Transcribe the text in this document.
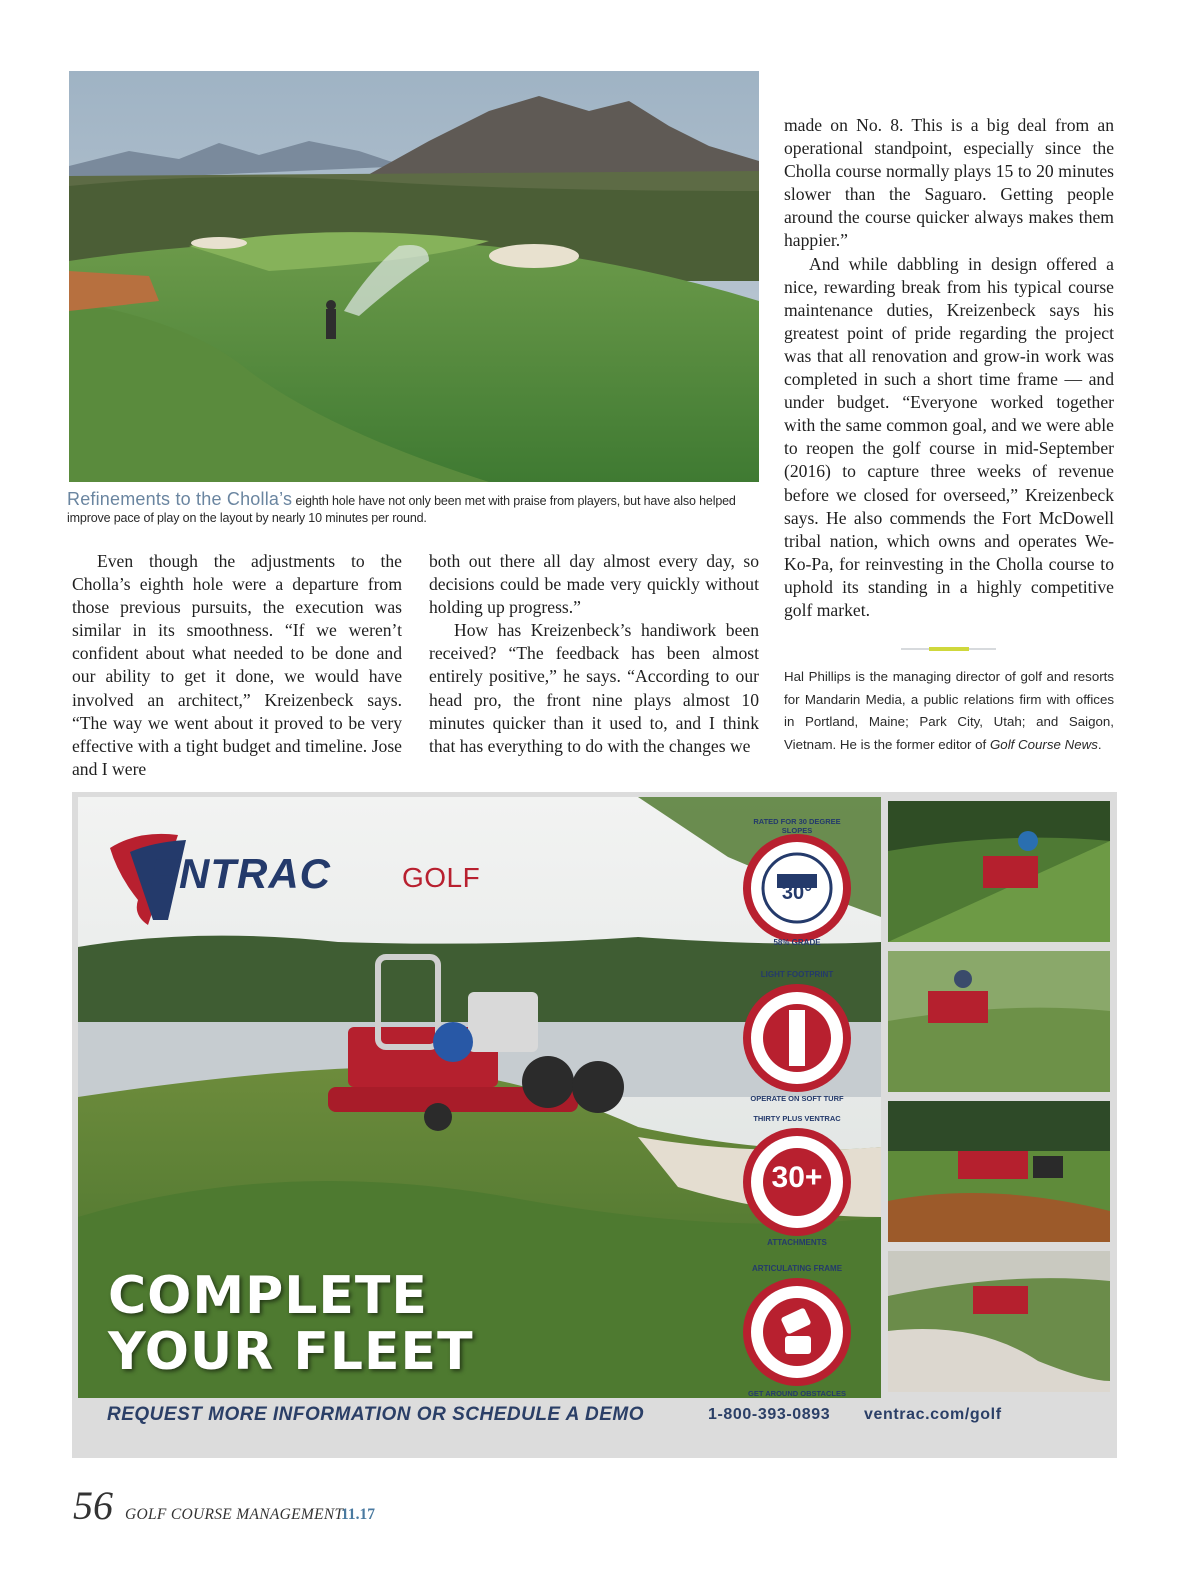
Refinements to the Cholla’s eighth hole have not only been met with praise from players, but have also helped improve pace of play on the layout by nearly 10 minutes per round.

Even though the adjustments to the Cholla’s eighth hole were a departure from those previous pursuits, the execution was similar in its smoothness. “If we weren’t confident about what needed to be done and our ability to get it done, we would have involved an architect,” Kreizenbeck says. “The way we went about it proved to be very effective with a tight budget and timeline. Jose and I were

both out there all day almost every day, so decisions could be made very quickly without holding up progress.”

How has Kreizenbeck’s handiwork been received? “The feedback has been almost entirely positive,” he says. “According to our head pro, the front nine plays almost 10 minutes quicker than it used to, and I think that has everything to do with the changes we

made on No. 8. This is a big deal from an operational standpoint, especially since the Cholla course normally plays 15 to 20 minutes slower than the Saguaro. Getting people around the course quicker always makes them happier.”

And while dabbling in design offered a nice, rewarding break from his typical course maintenance duties, Kreizenbeck says his greatest point of pride regarding the project was that all renovation and grow-in work was completed in such a short time frame — and under budget. “Everyone worked together with the same common goal, and we were able to reopen the golf course in mid-September (2016) to capture three weeks of revenue before we closed for overseed,” Kreizenbeck says. He also commends the Fort McDowell tribal nation, which owns and operates We-Ko-Pa, for reinvesting in the Cholla course to uphold its standing in a highly competitive golf market.

Hal Phillips is the managing director of golf and resorts for Mandarin Media, a public relations firm with offices in Portland, Maine; Park City, Utah; and Saigon, Vietnam. He is the former editor of Golf Course News.
ENTRAC	GOLF	30°
30+
RATED FOR 30 DEGREE SLOPES
58% GRADE
LIGHT FOOTPRINT
OPERATE ON SOFT TURF
THIRTY PLUS VENTRAC
ATTACHMENTS
ARTICULATING FRAME
GET AROUND OBSTACLES
COMPLETE
YOUR FLEET
REQUEST MORE INFORMATION OR SCHEDULE A DEMO	1-800-393-0893 ventrac.com/golf
56 GOLF COURSE MANAGEMENT
11.17
